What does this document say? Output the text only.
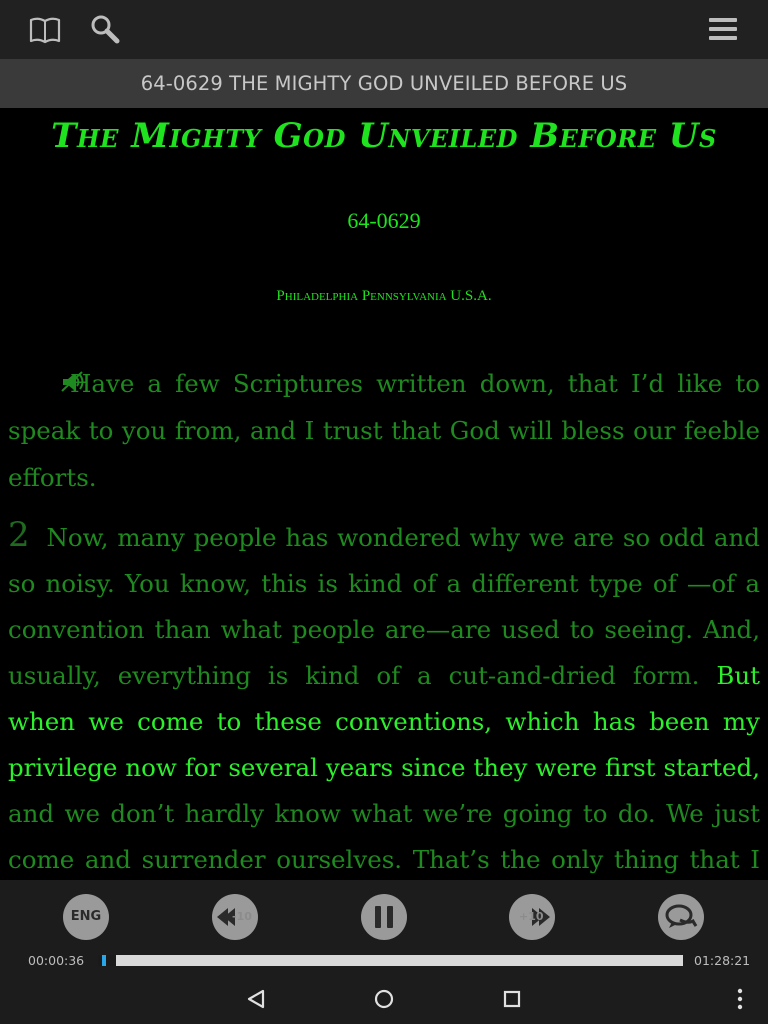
64-0629 THE MIGHTY GOD UNVEILED BEFORE US
The Mighty God Unveiled Before Us
64-0629
Philadelphia Pennsylvania U.S.A.

Have a few Scriptures written down, that I’d like to speak to you from, and I trust that God will bless our feeble efforts.

2 Now, many people has wondered why we are so odd and so noisy. You know, this is kind of a different type of —of a convention than what people are—are used to seeing. And, usually, everything is kind of a cut-and-dried form. But when we come to these conventions, which has been my privilege now for several years since they were first started, and we don’t hardly know what we’re going to do. We just come and surrender ourselves. That’s the only thing that I

ENG	-10	+10
00:00:36	01:28:21
